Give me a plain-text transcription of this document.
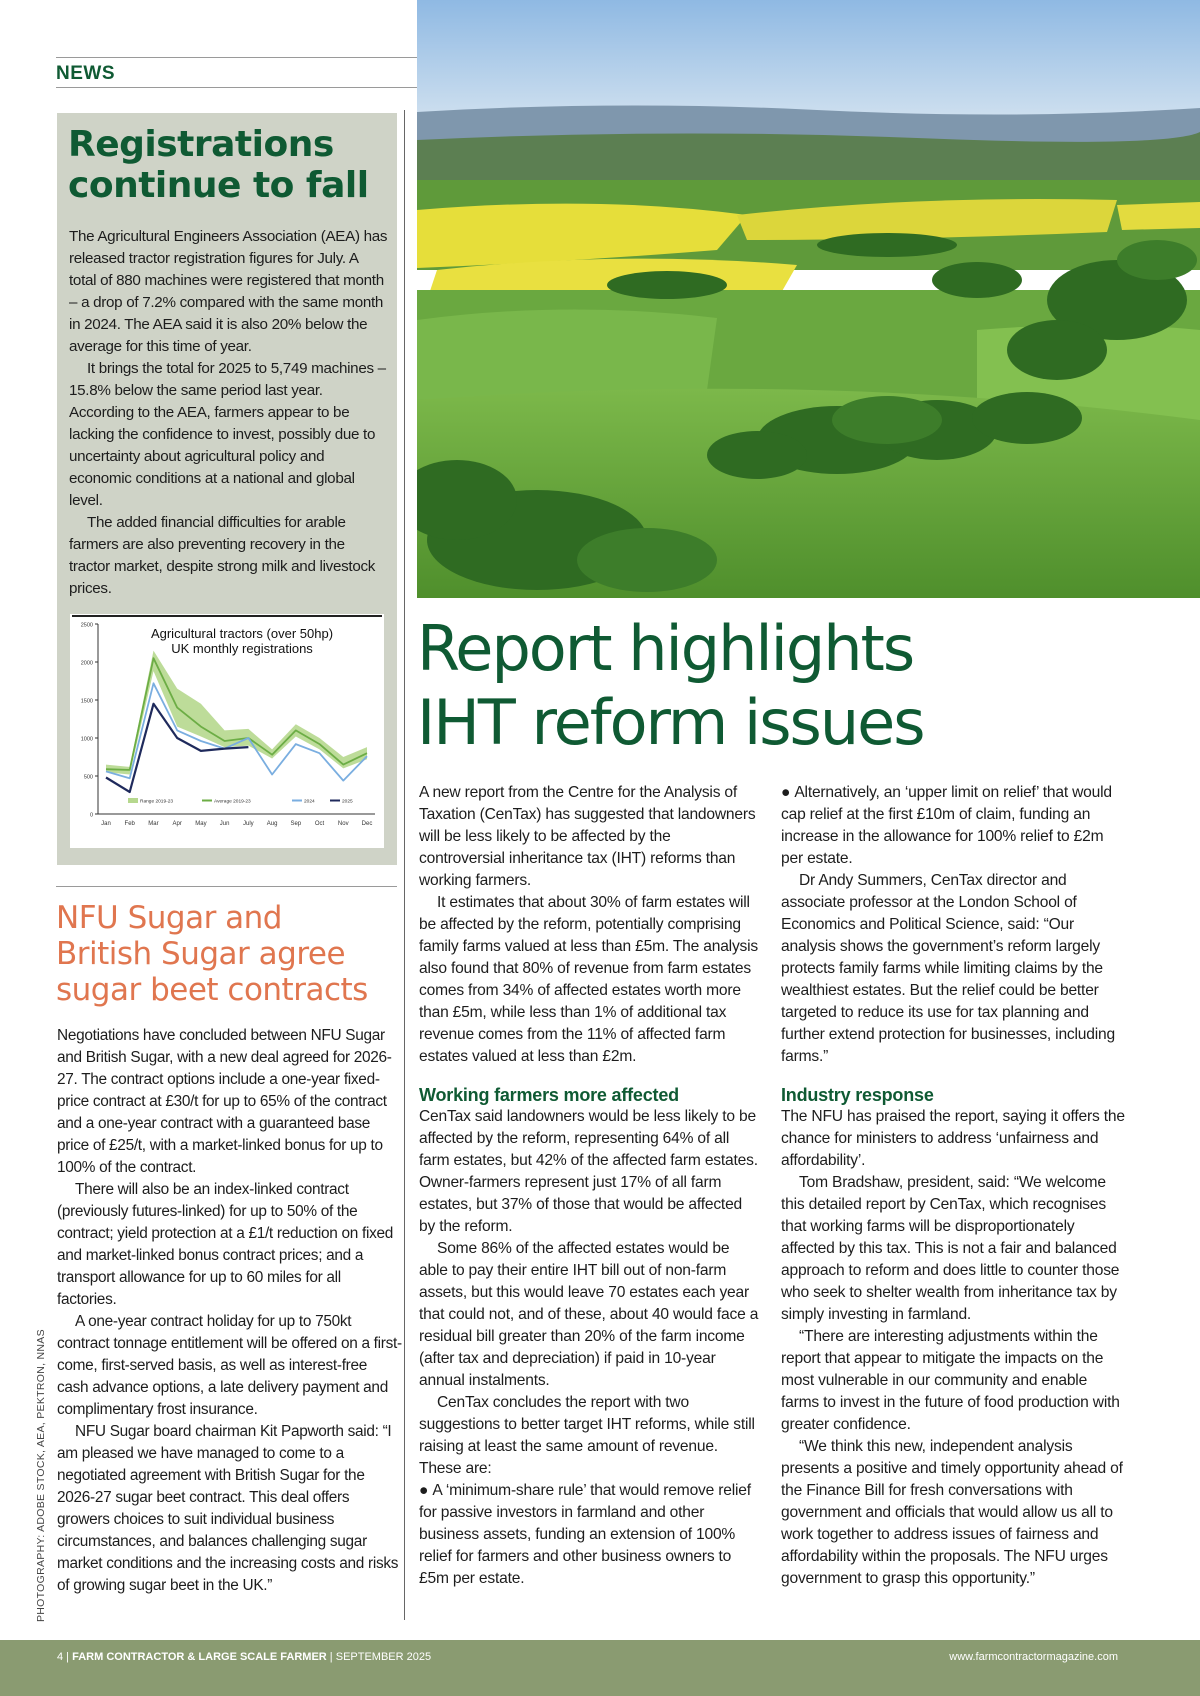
NEWS
Registrations
continue to fall

The Agricultural Engineers Association (AEA) has released tractor registration figures for July. A total of 880 machines were registered that month – a drop of 7.2% compared with the same month in 2024. The AEA said it is also 20% below the average for this time of year.

It brings the total for 2025 to 5,749 machines – 15.8% below the same period last year. According to the AEA, farmers appear to be lacking the confidence to invest, possibly due to uncertainty about agricultural policy and economic conditions at a national and global level.

The added financial difficulties for arable farmers are also preventing recovery in the tractor market, despite strong milk and livestock prices.

Agricultural tractors (over 50hp)
UK monthly registrations
0
500
1000
1500
2000
2500
Jan Feb Mar Apr May Jun July Aug Sep Oct Nov Dec
Range 2019-23	Average 2019-23	2024	2025
Report highlights
IHT reform issues

A new report from the Centre for the Analysis of Taxation (CenTax) has suggested that landowners will be less likely to be affected by the controversial inheritance tax (IHT) reforms than working farmers.

It estimates that about 30% of farm estates will be affected by the reform, potentially comprising family farms valued at less than £5m. The analysis also found that 80% of revenue from farm estates comes from 34% of affected estates worth more than £5m, while less than 1% of additional tax revenue comes from the 11% of affected farm estates valued at less than £2m.

Working farmers more affected

CenTax said landowners would be less likely to be affected by the reform, representing 64% of all farm estates, but 42% of the affected farm estates. Owner-farmers represent just 17% of all farm estates, but 37% of those that would be affected by the reform.

Some 86% of the affected estates would be able to pay their entire IHT bill out of non-farm assets, but this would leave 70 estates each year that could not, and of these, about 40 would face a residual bill greater than 20% of the farm income (after tax and depreciation) if paid in 10-year annual instalments.

CenTax concludes the report with two suggestions to better target IHT reforms, while still raising at least the same amount of revenue. These are:

● A ‘minimum-share rule’ that would remove relief for passive investors in farmland and other business assets, funding an extension of 100% relief for farmers and other business owners to £5m per estate.

● Alternatively, an ‘upper limit on relief’ that would cap relief at the first £10m of claim, funding an increase in the allowance for 100% relief to £2m per estate.

Dr Andy Summers, CenTax director and associate professor at the London School of Economics and Political Science, said: “Our analysis shows the government’s reform largely protects family farms while limiting claims by the wealthiest estates. But the relief could be better targeted to reduce its use for tax planning and further extend protection for businesses, including farms.”

Industry response

The NFU has praised the report, saying it offers the chance for ministers to address ‘unfairness and affordability’.

Tom Bradshaw, president, said: “We welcome this detailed report by CenTax, which recognises that working farms will be disproportionately affected by this tax. This is not a fair and balanced approach to reform and does little to counter those who seek to shelter wealth from inheritance tax by simply investing in farmland.

“There are interesting adjustments within the report that appear to mitigate the impacts on the most vulnerable in our community and enable farms to invest in the future of food production with greater confidence.

“We think this new, independent analysis presents a positive and timely opportunity ahead of the Finance Bill for fresh conversations with government and officials that would allow us all to work together to address issues of fairness and affordability within the proposals. The NFU urges government to grasp this opportunity.”

NFU Sugar and
British Sugar agree
sugar beet contracts

Negotiations have concluded between NFU Sugar and British Sugar, with a new deal agreed for 2026-27. The contract options include a one-year fixed-price contract at £30/t for up to 65% of the contract and a one-year contract with a guaranteed base price of £25/t, with a market-linked bonus for up to 100% of the contract.

There will also be an index-linked contract (previously futures-linked) for up to 50% of the contract; yield protection at a £1/t reduction on fixed and market-linked bonus contract prices; and a transport allowance for up to 60 miles for all factories.

A one-year contract holiday for up to 750kt contract tonnage entitlement will be offered on a first-come, first-served basis, as well as interest-free cash advance options, a late delivery payment and complimentary frost insurance.

NFU Sugar board chairman Kit Papworth said: “I am pleased we have managed to come to a negotiated agreement with British Sugar for the 2026-27 sugar beet contract. This deal offers growers choices to suit individual business circumstances, and balances challenging sugar market conditions and the increasing costs and risks of growing sugar beet in the UK.”

PHOTOGRAPHY: ADOBE STOCK, AEA, PEKTRON, NNAS
4 | FARM CONTRACTOR & LARGE SCALE FARMER | SEPTEMBER 2025	www.farmcontractormagazine.com
